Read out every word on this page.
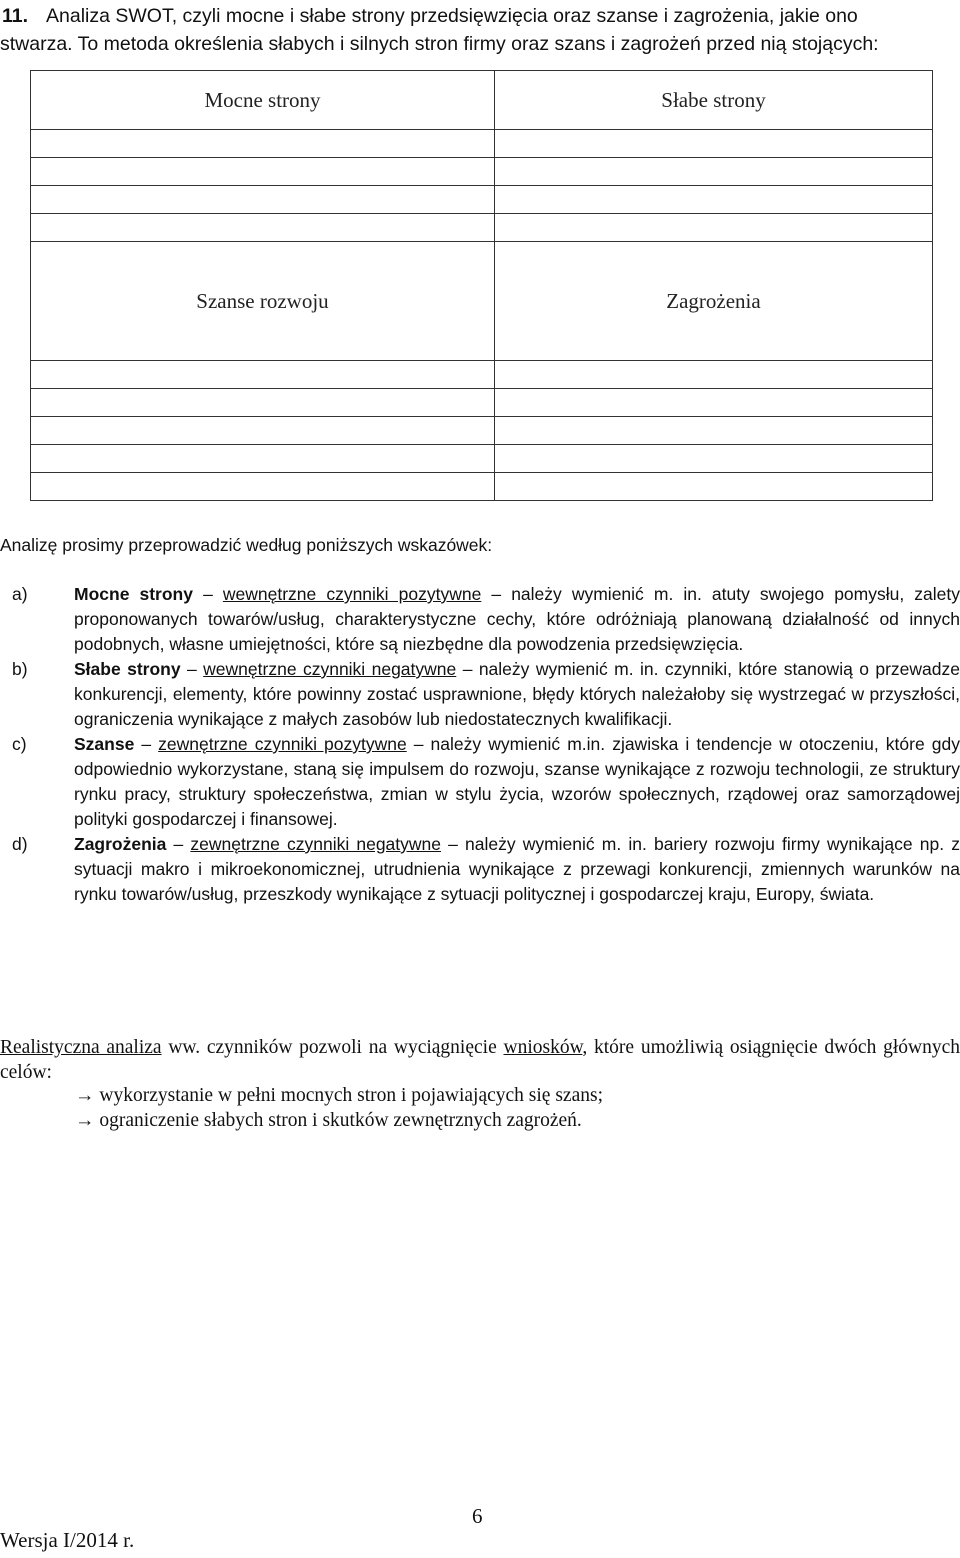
11. Analiza SWOT, czyli mocne i słabe strony przedsięwzięcia oraz szanse i zagrożenia, jakie ono
stwarza. To metoda określenia słabych i silnych stron firmy oraz szans i zagrożeń przed nią stojących:
Mocne strony	Słabe strony

Szanse rozwoju	Zagrożenia

Analizę prosimy przeprowadzić według poniższych wskazówek:
a)	Mocne strony – wewnętrzne czynniki pozytywne – należy wymienić m. in. atuty swojego pomysłu, zalety proponowanych towarów/usług, charakterystyczne cechy, które odróżniają planowaną działalność od innych podobnych, własne umiejętności, które są niezbędne dla powodzenia przedsięwzięcia.
b)	Słabe strony – wewnętrzne czynniki negatywne – należy wymienić m. in. czynniki, które stanowią o przewadze konkurencji, elementy, które powinny zostać usprawnione, błędy których należałoby się wystrzegać w przyszłości, ograniczenia wynikające z małych zasobów lub niedostatecznych kwalifikacji.
c)	Szanse – zewnętrzne czynniki pozytywne – należy wymienić m.in. zjawiska i tendencje w otoczeniu, które gdy odpowiednio wykorzystane, staną się impulsem do rozwoju, szanse wynikające z rozwoju technologii, ze struktury rynku pracy, struktury społeczeństwa, zmian w stylu życia, wzorów społecznych, rządowej oraz samorządowej polityki gospodarczej i finansowej.
d)	Zagrożenia – zewnętrzne czynniki negatywne – należy wymienić m. in. bariery rozwoju firmy wynikające np. z sytuacji makro i mikroekonomicznej, utrudnienia wynikające z przewagi konkurencji, zmiennych warunków na rynku towarów/usług, przeszkody wynikające z sytuacji politycznej i gospodarczej kraju, Europy, świata.
Realistyczna analiza ww. czynników pozwoli na wyciągnięcie wniosków, które umożliwią osiągnięcie dwóch głównych celów:
→ wykorzystanie w pełni mocnych stron i pojawiających się szans;
→ ograniczenie słabych stron i skutków zewnętrznych zagrożeń.
6
Wersja I/2014 r.
